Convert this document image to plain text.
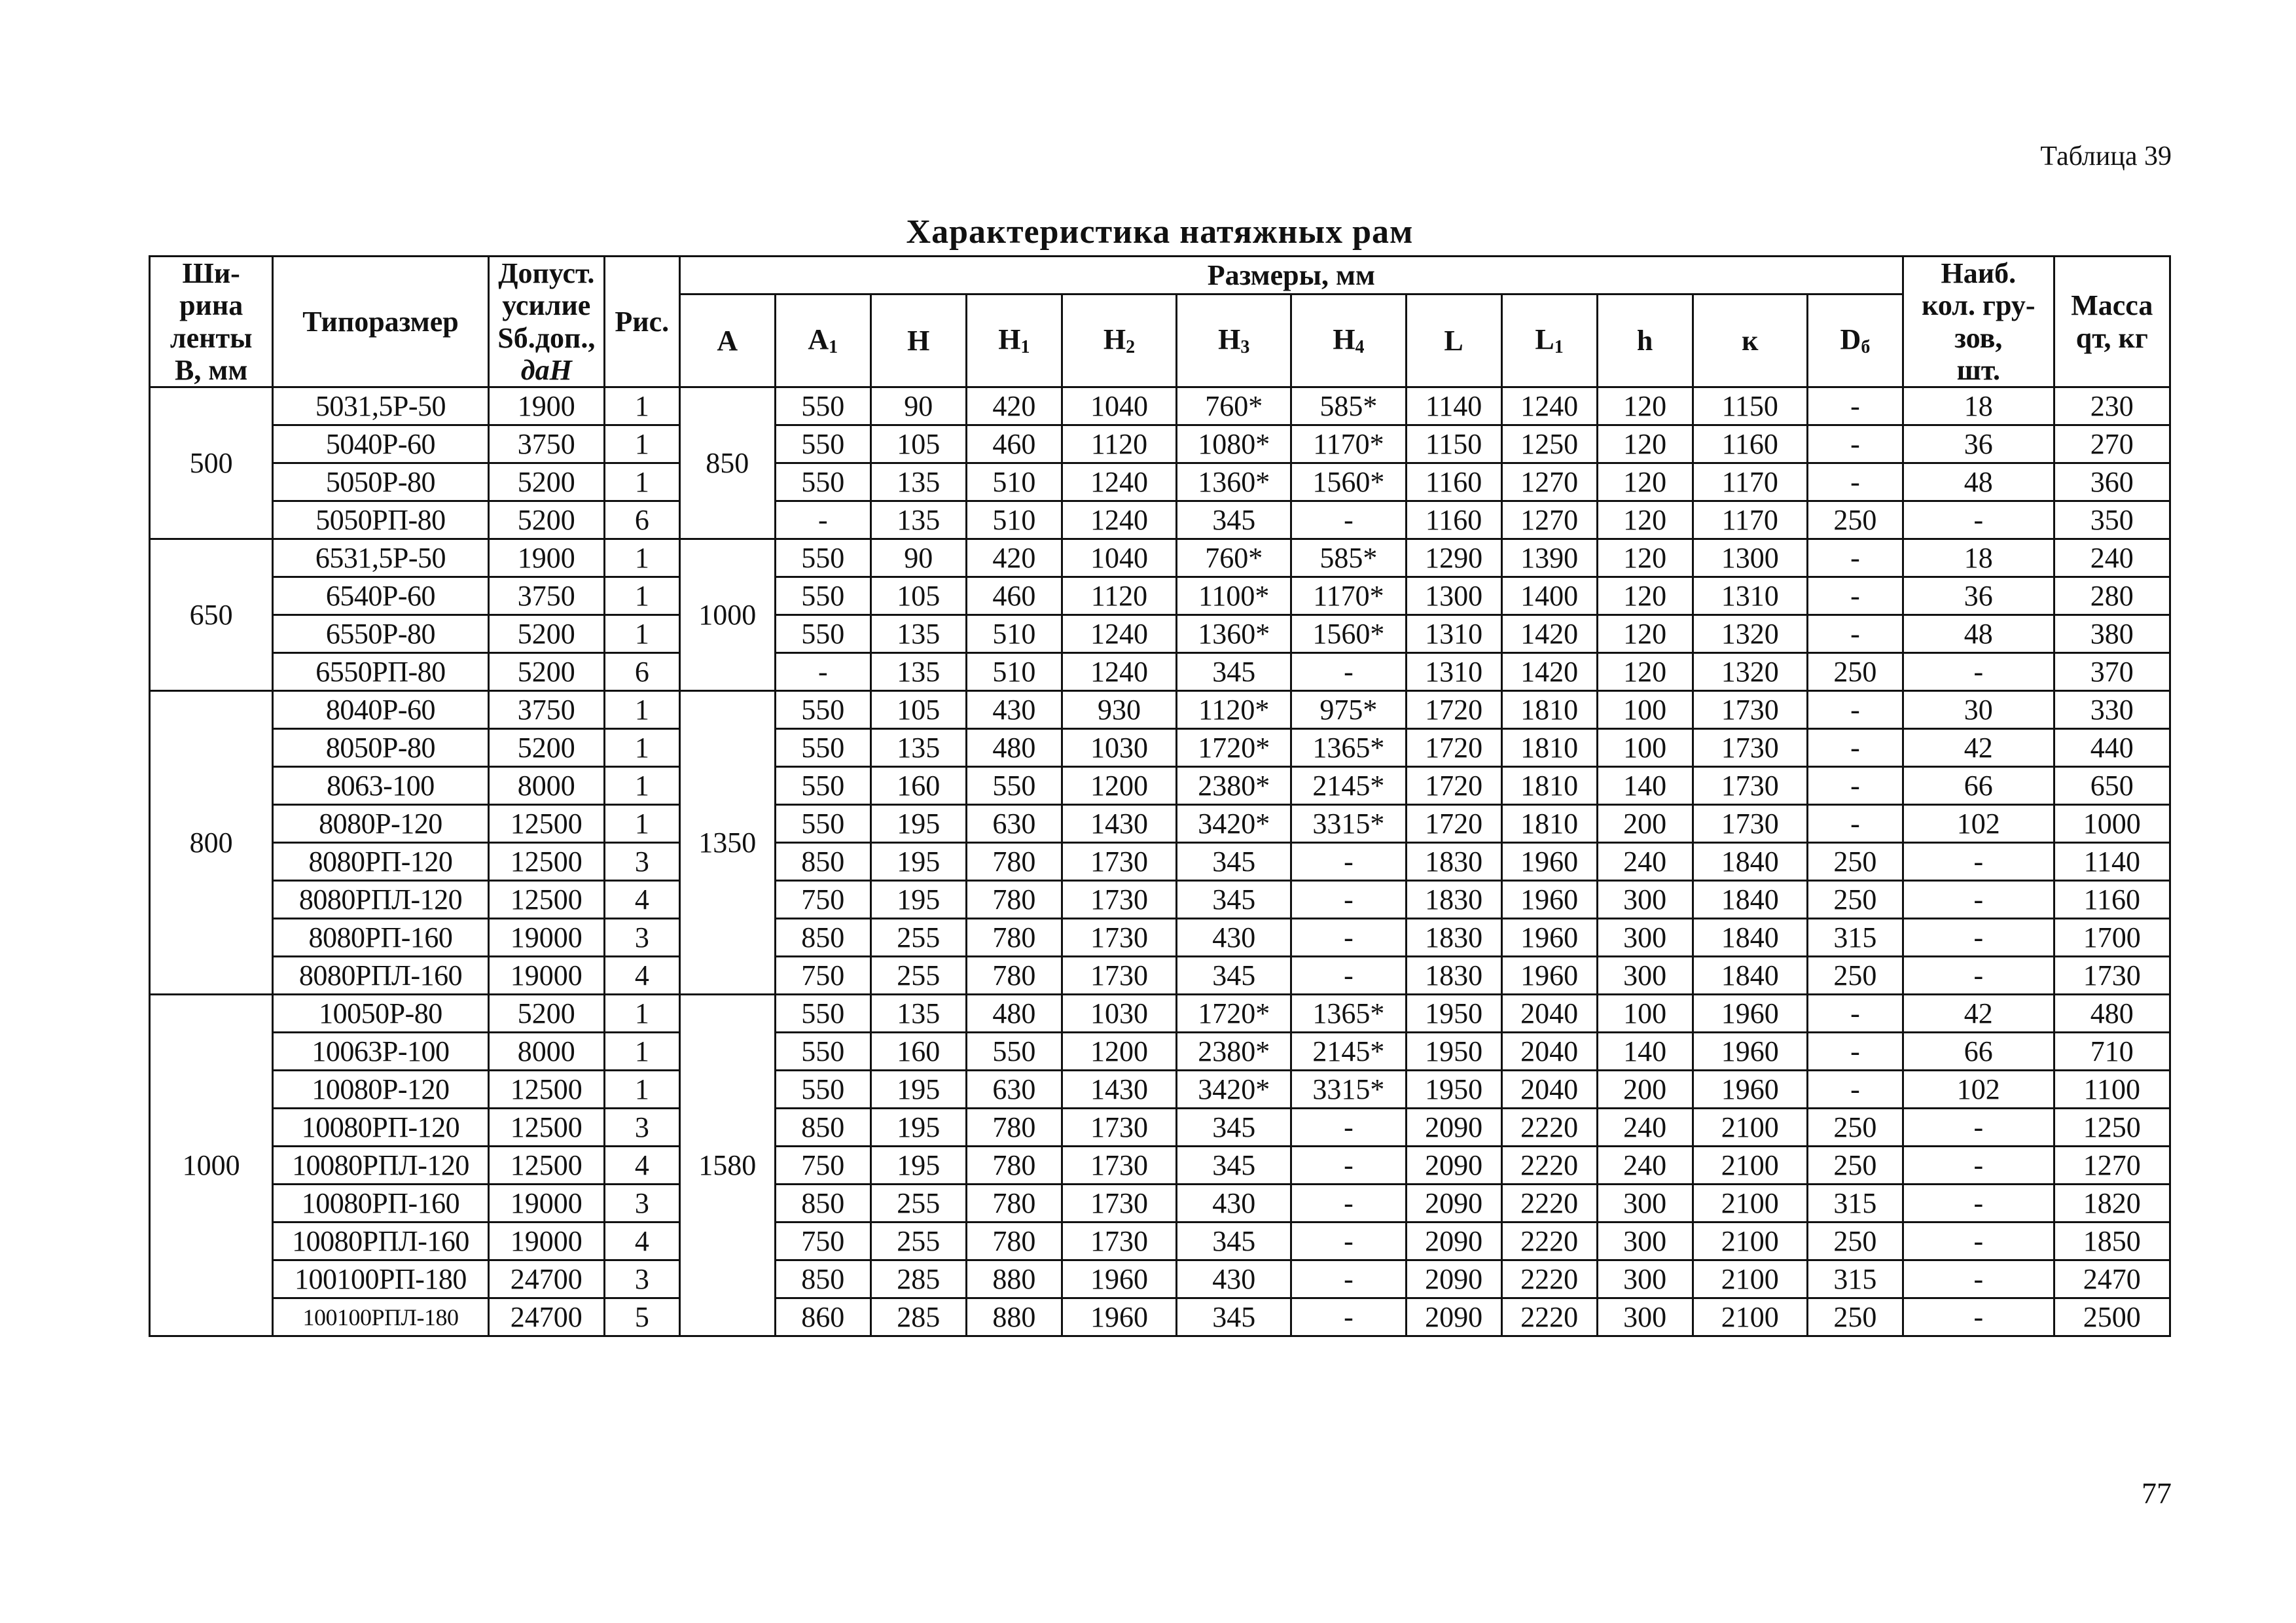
Таблица 39
Характеристика натяжных рам
Ши-
рина
ленты
В, мм	Типоразмер	Допуст.
усилие
Sб.доп.,
даН	Рис.	Размеры, мм												Наиб.
кол. гру-
зов,
шт.	Масса
qт, кг
				A	$A_1$	H	$H_1$	$H_2$	$H_3$	$H_4$	L	$L_1$	h	к	$D_б$
500	5031,5Р-50	1900	1	850	550	90	420	1040	760*	585*	1140	1240	120	1150	-	18	230
	5040Р-60	3750	1		550	105	460	1120	1080*	1170*	1150	1250	120	1160	-	36	270
	5050Р-80	5200	1		550	135	510	1240	1360*	1560*	1160	1270	120	1170	-	48	360
	5050РП-80	5200	6		-	135	510	1240	345	-	1160	1270	120	1170	250	-	350
650	6531,5Р-50	1900	1	1000	550	90	420	1040	760*	585*	1290	1390	120	1300	-	18	240
	6540Р-60	3750	1		550	105	460	1120	1100*	1170*	1300	1400	120	1310	-	36	280
	6550Р-80	5200	1		550	135	510	1240	1360*	1560*	1310	1420	120	1320	-	48	380
	6550РП-80	5200	6		-	135	510	1240	345	-	1310	1420	120	1320	250	-	370
800	8040Р-60	3750	1	1350	550	105	430	930	1120*	975*	1720	1810	100	1730	-	30	330
	8050Р-80	5200	1		550	135	480	1030	1720*	1365*	1720	1810	100	1730	-	42	440
	8063-100	8000	1		550	160	550	1200	2380*	2145*	1720	1810	140	1730	-	66	650
	8080Р-120	12500	1		550	195	630	1430	3420*	3315*	1720	1810	200	1730	-	102	1000
	8080РП-120	12500	3		850	195	780	1730	345	-	1830	1960	240	1840	250	-	1140
	8080РПЛ-120	12500	4		750	195	780	1730	345	-	1830	1960	300	1840	250	-	1160
	8080РП-160	19000	3		850	255	780	1730	430	-	1830	1960	300	1840	315	-	1700
	8080РПЛ-160	19000	4		750	255	780	1730	345	-	1830	1960	300	1840	250	-	1730
1000	10050Р-80	5200	1	1580	550	135	480	1030	1720*	1365*	1950	2040	100	1960	-	42	480
	10063Р-100	8000	1		550	160	550	1200	2380*	2145*	1950	2040	140	1960	-	66	710
	10080Р-120	12500	1		550	195	630	1430	3420*	3315*	1950	2040	200	1960	-	102	1100
	10080РП-120	12500	3		850	195	780	1730	345	-	2090	2220	240	2100	250	-	1250
	10080РПЛ-120	12500	4		750	195	780	1730	345	-	2090	2220	240	2100	250	-	1270
	10080РП-160	19000	3		850	255	780	1730	430	-	2090	2220	300	2100	315	-	1820
	10080РПЛ-160	19000	4		750	255	780	1730	345	-	2090	2220	300	2100	250	-	1850
	100100РП-180	24700	3		850	285	880	1960	430	-	2090	2220	300	2100	315	-	2470
	100100РПЛ-180	24700	5		860	285	880	1960	345	-	2090	2220	300	2100	250	-	2500
77
